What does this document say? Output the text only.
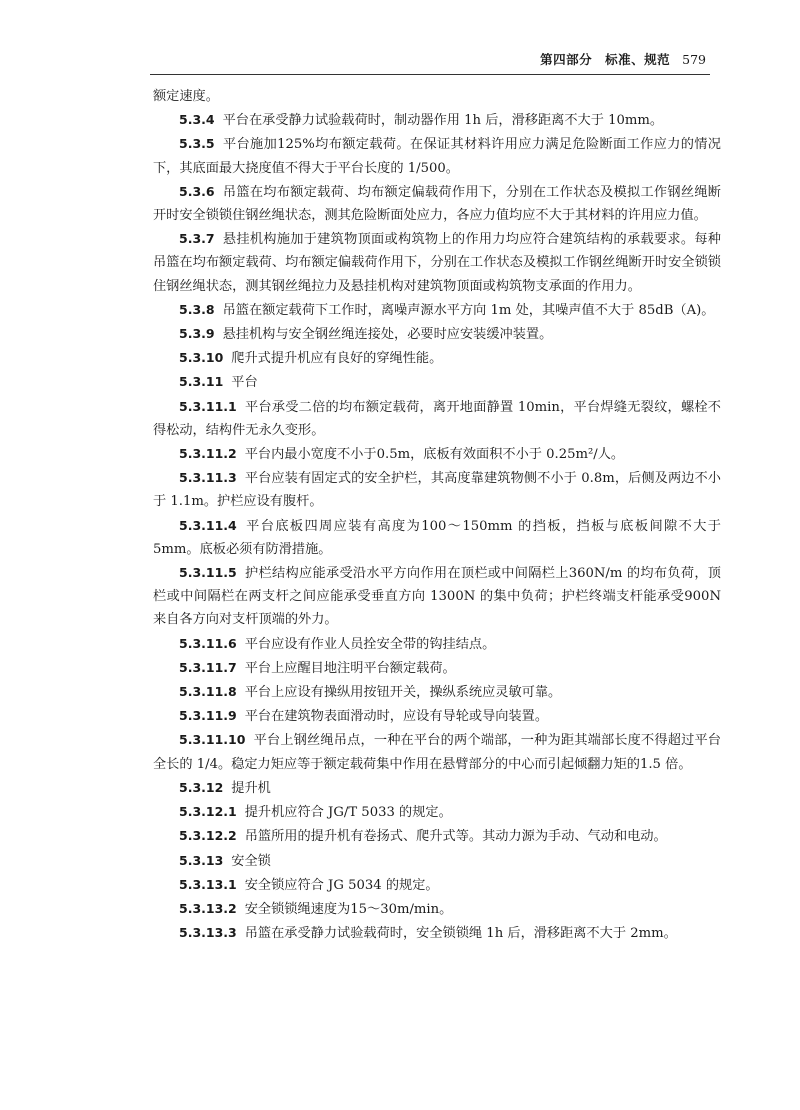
第四部分　标准、规范 579

额定速度。

5.3.4 平台在承受静力试验载荷时，制动器作用 1h 后，滑移距离不大于 10mm。

5.3.5 平台施加125%均布额定载荷。在保证其材料许用应力满足危险断面工作应力的情况下，其底面最大挠度值不得大于平台长度的 1/500。

5.3.6 吊篮在均布额定载荷、均布额定偏载荷作用下，分别在工作状态及模拟工作钢丝绳断开时安全锁锁住钢丝绳状态，测其危险断面处应力，各应力值均应不大于其材料的许用应力值。

5.3.7 悬挂机构施加于建筑物顶面或构筑物上的作用力均应符合建筑结构的承载要求。每种吊篮在均布额定载荷、均布额定偏载荷作用下，分别在工作状态及模拟工作钢丝绳断开时安全锁锁住钢丝绳状态，测其钢丝绳拉力及悬挂机构对建筑物顶面或构筑物支承面的作用力。

5.3.8 吊篮在额定载荷下工作时，离噪声源水平方向 1m 处，其噪声值不大于 85dB（A)。

5.3.9 悬挂机构与安全钢丝绳连接处，必要时应安装缓冲装置。

5.3.10 爬升式提升机应有良好的穿绳性能。

5.3.11 平台

5.3.11.1 平台承受二倍的均布额定载荷，离开地面静置 10min，平台焊缝无裂纹，螺栓不得松动，结构件无永久变形。

5.3.11.2 平台内最小宽度不小于0.5m，底板有效面积不小于 0.25m²/人。

5.3.11.3 平台应装有固定式的安全护栏，其高度靠建筑物侧不小于 0.8m，后侧及两边不小于 1.1m。护栏应设有腹杆。

5.3.11.4 平台底板四周应装有高度为100～150mm 的挡板，挡板与底板间隙不大于5mm。底板必须有防滑措施。

5.3.11.5 护栏结构应能承受沿水平方向作用在顶栏或中间隔栏上360N/m 的均布负荷，顶栏或中间隔栏在两支杆之间应能承受垂直方向 1300N 的集中负荷；护栏终端支杆能承受900N 来自各方向对支杆顶端的外力。

5.3.11.6 平台应设有作业人员拴安全带的钩挂结点。

5.3.11.7 平台上应醒目地注明平台额定载荷。

5.3.11.8 平台上应设有操纵用按钮开关，操纵系统应灵敏可靠。

5.3.11.9 平台在建筑物表面滑动时，应设有导轮或导向装置。

5.3.11.10 平台上钢丝绳吊点，一种在平台的两个端部，一种为距其端部长度不得超过平台全长的 1/4。稳定力矩应等于额定载荷集中作用在悬臂部分的中心而引起倾翻力矩的1.5 倍。

5.3.12 提升机

5.3.12.1 提升机应符合 JG/T 5033 的规定。

5.3.12.2 吊篮所用的提升机有卷扬式、爬升式等。其动力源为手动、气动和电动。

5.3.13 安全锁

5.3.13.1 安全锁应符合 JG 5034 的规定。

5.3.13.2 安全锁锁绳速度为15～30m/min。

5.3.13.3 吊篮在承受静力试验载荷时，安全锁锁绳 1h 后，滑移距离不大于 2mm。
